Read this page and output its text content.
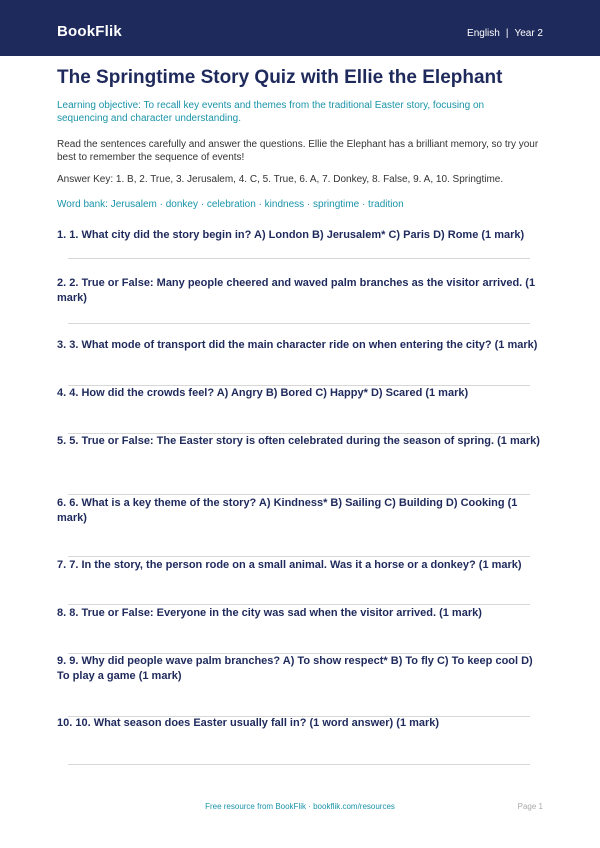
BookFlik	English | Year 2
The Springtime Story Quiz with Ellie the Elephant
Learning objective: To recall key events and themes from the traditional Easter story, focusing on sequencing and character understanding.
Read the sentences carefully and answer the questions. Ellie the Elephant has a brilliant memory, so try your best to remember the sequence of events!
Answer Key: 1. B, 2. True, 3. Jerusalem, 4. C, 5. True, 6. A, 7. Donkey, 8. False, 9. A, 10. Springtime.
Word bank: Jerusalem · donkey · celebration · kindness · springtime · tradition
1. 1. What city did the story begin in? A) London B) Jerusalem* C) Paris D) Rome (1 mark)
2. 2. True or False: Many people cheered and waved palm branches as the visitor arrived. (1 mark)
3. 3. What mode of transport did the main character ride on when entering the city? (1 mark)
4. 4. How did the crowds feel? A) Angry B) Bored C) Happy* D) Scared (1 mark)
5. 5. True or False: The Easter story is often celebrated during the season of spring. (1 mark)
6. 6. What is a key theme of the story? A) Kindness* B) Sailing C) Building D) Cooking (1 mark)
7. 7. In the story, the person rode on a small animal. Was it a horse or a donkey? (1 mark)
8. 8. True or False: Everyone in the city was sad when the visitor arrived. (1 mark)
9. 9. Why did people wave palm branches? A) To show respect* B) To fly C) To keep cool D) To play a game (1 mark)
10. 10. What season does Easter usually fall in? (1 word answer) (1 mark)
Free resource from BookFlik · bookflik.com/resources	Page 1
